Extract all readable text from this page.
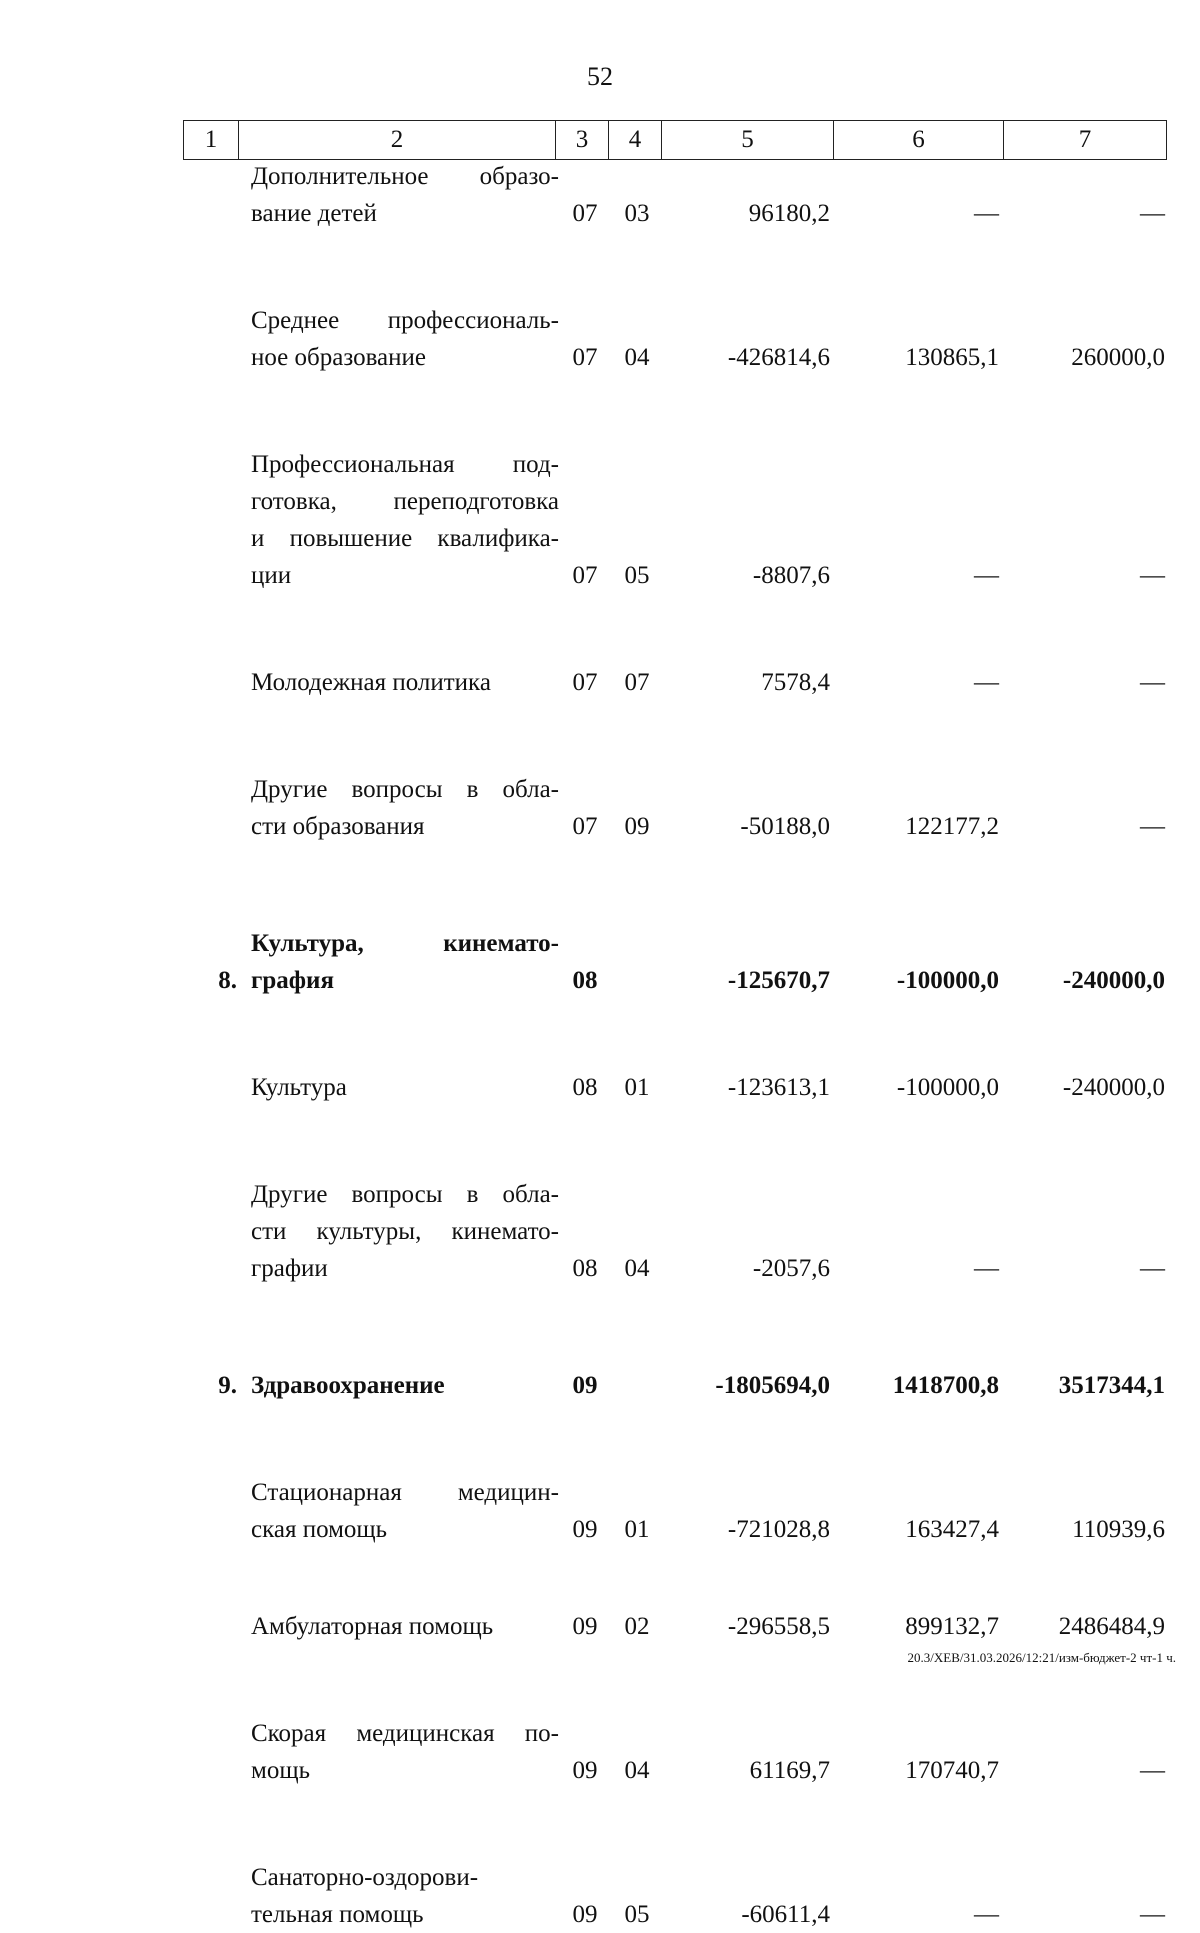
52
1	2	3	4	5	6	7

	Дополнительное образо-
вание детей	07	03	96180,2	—	—

	Среднее профессиональ-
ное образование	07	04	-426814,6	130865,1	260000,0

	Профессиональная под-
готовка, переподготовка
и повышение квалифика-
ции	07	05	-8807,6	—	—

	Молодежная политика	07	07	7578,4	—	—

	Другие вопросы в обла-
сти образования	07	09	-50188,0	122177,2	—

8.	Культура, кинемато-
графия	08		-125670,7	-100000,0	-240000,0

	Культура	08	01	-123613,1	-100000,0	-240000,0

	Другие вопросы в обла-
сти культуры, кинемато-
графии	08	04	-2057,6	—	—

9.	Здравоохранение	09		-1805694,0	1418700,8	3517344,1

	Стационарная медицин-
ская помощь	09	01	-721028,8	163427,4	110939,6

	Амбулаторная помощь	09	02	-296558,5	899132,7	2486484,9

	Скорая медицинская по-
мощь	09	04	61169,7	170740,7	—

	Санаторно-оздорови-
тельная помощь	09	05	-60611,4	—	—
20.3/ХЕВ/31.03.2026/12:21/изм-бюджет-2 чт-1 ч.
